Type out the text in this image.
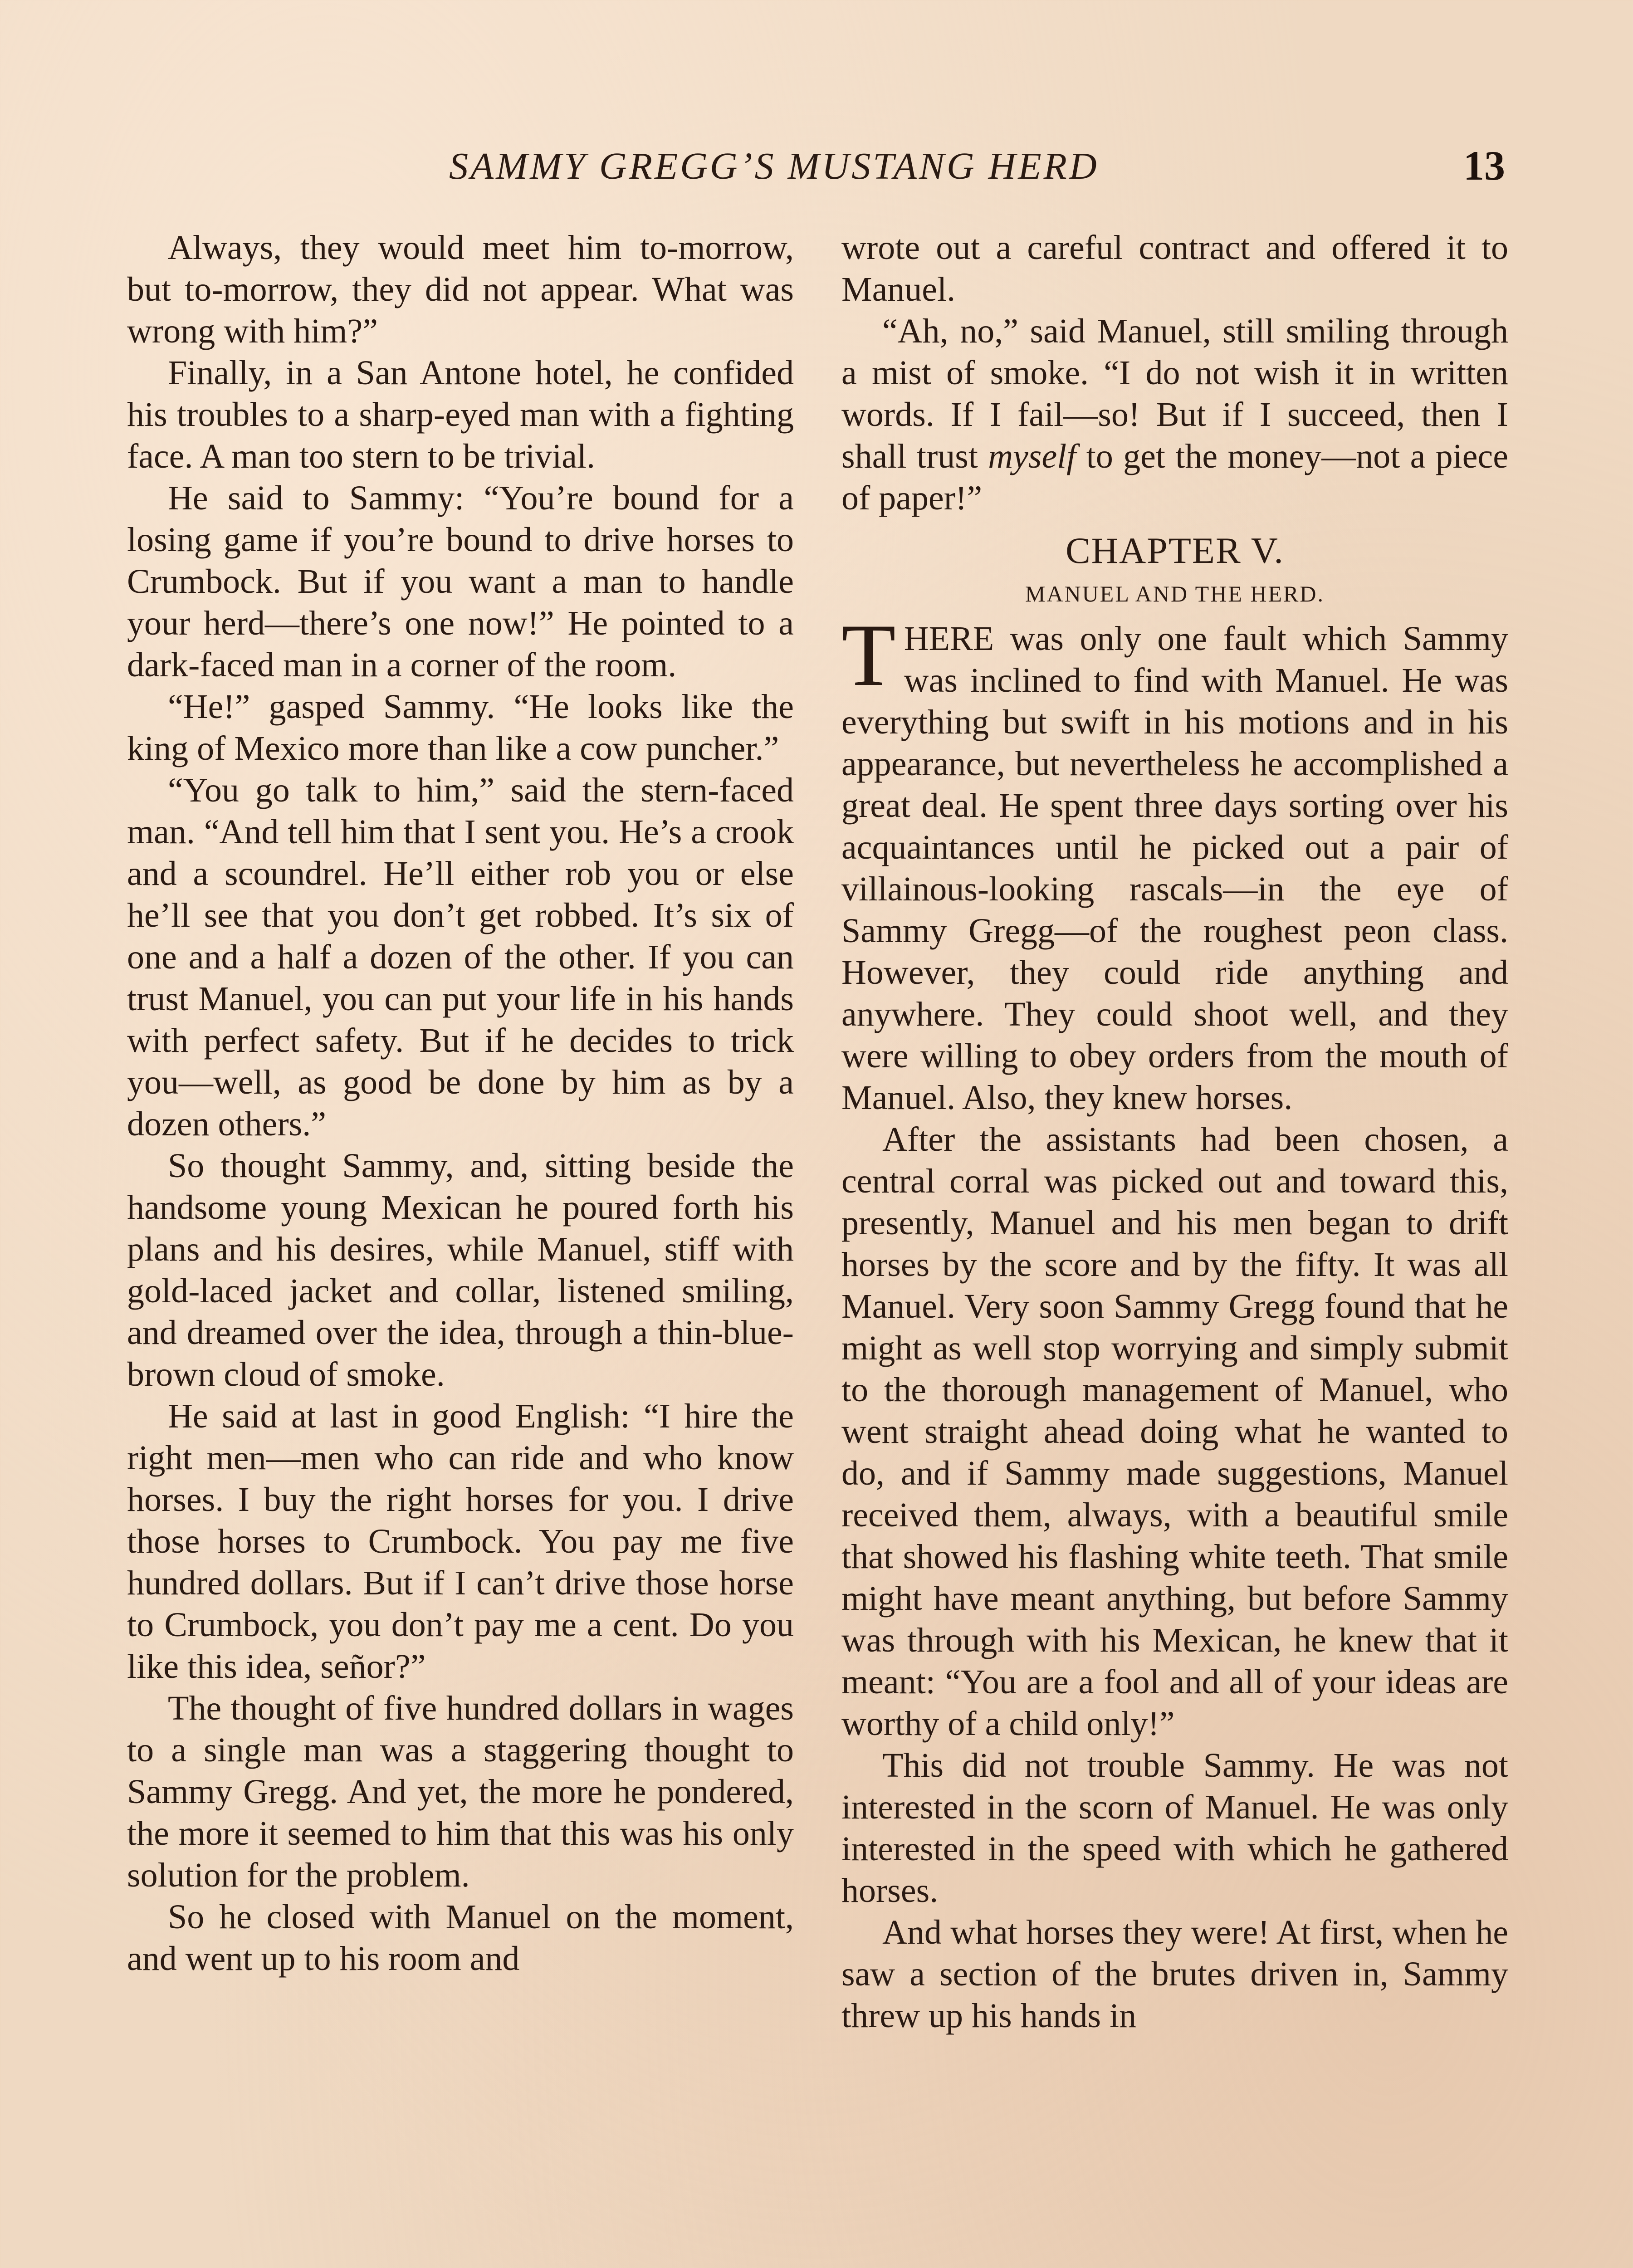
SAMMY GREGG’S MUSTANG HERD	13

Always, they would meet him to-morrow, but to-morrow, they did not appear. What was wrong with him?”

Finally, in a San Antone hotel, he confided his troubles to a sharp-eyed man with a fighting face. A man too stern to be trivial.

He said to Sammy: “You’re bound for a losing game if you’re bound to drive horses to Crumbock. But if you want a man to handle your herd—there’s one now!” He pointed to a dark-faced man in a corner of the room.

“He!” gasped Sammy. “He looks like the king of Mexico more than like a cow puncher.”

“You go talk to him,” said the stern-faced man. “And tell him that I sent you. He’s a crook and a scoundrel. He’ll either rob you or else he’ll see that you don’t get robbed. It’s six of one and a half a dozen of the other. If you can trust Manuel, you can put your life in his hands with perfect safety. But if he decides to trick you—well, as good be done by him as by a dozen others.”

So thought Sammy, and, sitting beside the handsome young Mexican he poured forth his plans and his desires, while Manuel, stiff with gold-laced jacket and collar, listened smiling, and dreamed over the idea, through a thin-blue-brown cloud of smoke.

He said at last in good English: “I hire the right men—men who can ride and who know horses. I buy the right horses for you. I drive those horses to Crumbock. You pay me five hundred dollars. But if I can’t drive those horse to Crumbock, you don’t pay me a cent. Do you like this idea, señor?”

The thought of five hundred dollars in wages to a single man was a staggering thought to Sammy Gregg. And yet, the more he pondered, the more it seemed to him that this was his only solution for the problem.

So he closed with Manuel on the moment, and went up to his room and

wrote out a careful contract and offered it to Manuel.

“Ah, no,” said Manuel, still smiling through a mist of smoke. “I do not wish it in written words. If I fail—so! But if I succeed, then I shall trust myself to get the money—not a piece of paper!”

CHAPTER V.
MANUEL AND THE HERD.

THERE was only one fault which Sammy was inclined to find with Manuel. He was everything but swift in his motions and in his appearance, but nevertheless he accomplished a great deal. He spent three days sorting over his acquaintances until he picked out a pair of villainous-looking rascals—in the eye of Sammy Gregg—of the roughest peon class. However, they could ride anything and anywhere. They could shoot well, and they were willing to obey orders from the mouth of Manuel. Also, they knew horses.

After the assistants had been chosen, a central corral was picked out and toward this, presently, Manuel and his men began to drift horses by the score and by the fifty. It was all Manuel. Very soon Sammy Gregg found that he might as well stop worrying and simply submit to the thorough management of Manuel, who went straight ahead doing what he wanted to do, and if Sammy made suggestions, Manuel received them, always, with a beautiful smile that showed his flashing white teeth. That smile might have meant anything, but before Sammy was through with his Mexican, he knew that it meant: “You are a fool and all of your ideas are worthy of a child only!”

This did not trouble Sammy. He was not interested in the scorn of Manuel. He was only interested in the speed with which he gathered horses.

And what horses they were! At first, when he saw a section of the brutes driven in, Sammy threw up his hands in
